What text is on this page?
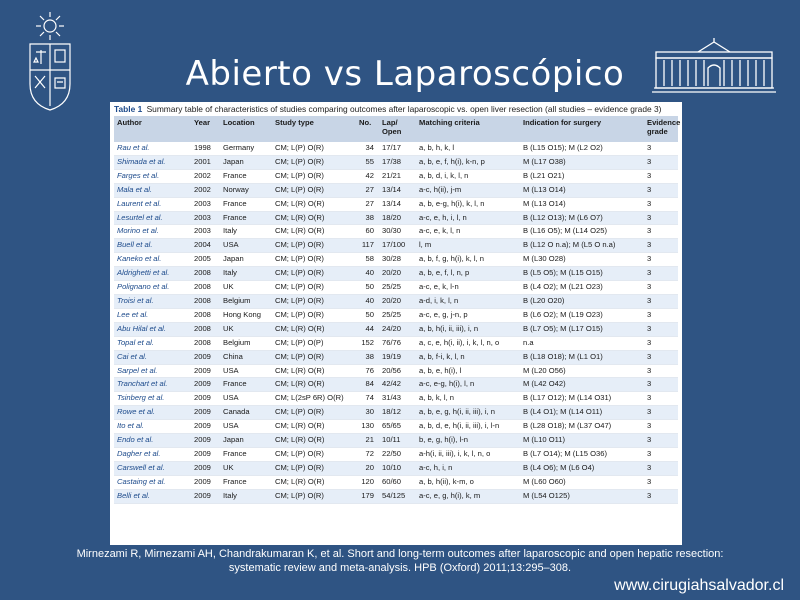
Abierto vs Laparoscópico
Table 1 Summary table of characteristics of studies comparing outcomes after laparoscopic vs. open liver resection (all studies – evidence grade 3)
Author	Year	Location	Study type	No.	Lap/ Open	Matching criteria	Indication for surgery	Evidence grade
Rau et al.	1998	Germany	CM; L(P) O(R)	34	17/17	a, b, h, k, l	B (L15 O15); M (L2 O2)	3
Shimada et al.	2001	Japan	CM; L(P) O(R)	55	17/38	a, b, e, f, h(i), k-n, p	M (L17 O38)	3
Farges et al.	2002	France	CM; L(P) O(R)	42	21/21	a, b, d, i, k, l, n	B (L21 O21)	3
Mala et al.	2002	Norway	CM; L(P) O(R)	27	13/14	a-c, h(ii), j-m	M (L13 O14)	3
Laurent et al.	2003	France	CM; L(R) O(R)	27	13/14	a, b, e-g, h(i), k, l, n	M (L13 O14)	3
Lesurtel et al.	2003	France	CM; L(R) O(R)	38	18/20	a-c, e, h, i, l, n	B (L12 O13); M (L6 O7)	3
Morino et al.	2003	Italy	CM; L(R) O(R)	60	30/30	a-c, e, k, l, n	B (L16 O5); M (L14 O25)	3
Buell et al.	2004	USA	CM; L(P) O(R)	117	17/100	l, m	B (L12 O n.a); M (L5 O n.a)	3
Kaneko et al.	2005	Japan	CM; L(P) O(R)	58	30/28	a, b, f, g, h(i), k, l, n	M (L30 O28)	3
Aldrighetti et al.	2008	Italy	CM; L(P) O(R)	40	20/20	a, b, e, f, l, n, p	B (L5 O5); M (L15 O15)	3
Polignano et al.	2008	UK	CM; L(P) O(R)	50	25/25	a-c, e, k, l-n	B (L4 O2); M (L21 O23)	3
Troisi et al.	2008	Belgium	CM; L(P) O(R)	40	20/20	a-d, i, k, l, n	B (L20 O20)	3
Lee et al.	2008	Hong Kong	CM; L(P) O(R)	50	25/25	a-c, e, g, j-n, p	B (L6 O2); M (L19 O23)	3
Abu Hilal et al.	2008	UK	CM; L(R) O(R)	44	24/20	a, b, h(i, ii, iii), i, n	B (L7 O5); M (L17 O15)	3
Topal et al.	2008	Belgium	CM; L(P) O(P)	152	76/76	a, c, e, h(i, ii), i, k, l, n, o	n.a	3
Cai et al.	2009	China	CM; L(P) O(R)	38	19/19	a, b, f-i, k, l, n	B (L18 O18); M (L1 O1)	3
Sarpel et al.	2009	USA	CM; L(R) O(R)	76	20/56	a, b, e, h(i), l	M (L20 O56)	3
Tranchart et al.	2009	France	CM; L(R) O(R)	84	42/42	a-c, e-g, h(i), l, n	M (L42 O42)	3
Tsinberg et al.	2009	USA	CM; L(2sP 6R) O(R)	74	31/43	a, b, k, l, n	B (L17 O12); M (L14 O31)	3
Rowe et al.	2009	Canada	CM; L(P) O(R)	30	18/12	a, b, e, g, h(i, ii, iii), i, n	B (L4 O1); M (L14 O11)	3
Ito et al.	2009	USA	CM; L(R) O(R)	130	65/65	a, b, d, e, h(i, ii, iii), i, l-n	B (L28 O18); M (L37 O47)	3
Endo et al.	2009	Japan	CM; L(R) O(R)	21	10/11	b, e, g, h(i), l-n	M (L10 O11)	3
Dagher et al.	2009	France	CM; L(P) O(R)	72	22/50	a-h(i, ii, iii), i, k, l, n, o	B (L7 O14); M (L15 O36)	3
Carswell et al.	2009	UK	CM; L(P) O(R)	20	10/10	a-c, h, i, n	B (L4 O6); M (L6 O4)	3
Castaing et al.	2009	France	CM; L(R) O(R)	120	60/60	a, b, h(ii), k-m, o	M (L60 O60)	3
Belli et al.	2009	Italy	CM; L(P) O(R)	179	54/125	a-c, e, g, h(i), k, m	M (L54 O125)	3
Mirnezami R, Mirnezami AH, Chandrakumaran K, et al. Short and long-term outcomes after laparoscopic and open hepatic resection:
systematic review and meta-analysis. HPB (Oxford) 2011;13:295–308.
www.cirugiahsalvador.cl
